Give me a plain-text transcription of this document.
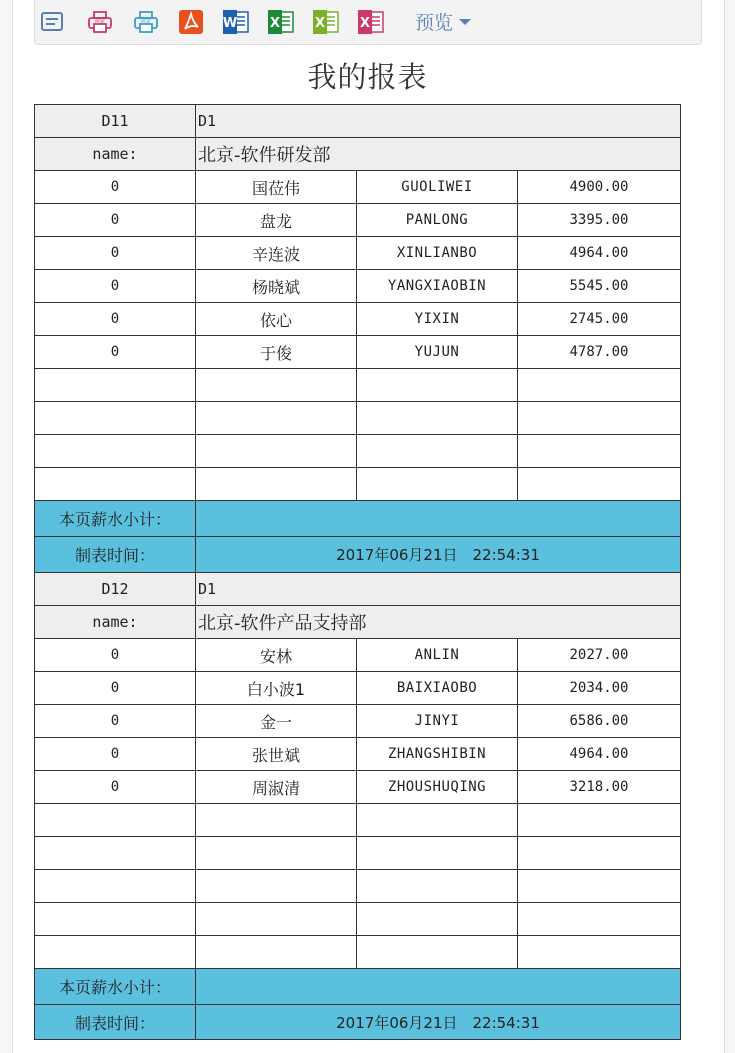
PDF	PDF	W	X	X	X 预览
我的报表
D11	D1
name:	北京-软件研发部
0	国莅伟	GUOLIWEI	4900.00
0	盘龙	PANLONG	3395.00
0	辛连波	XINLIANBO	4964.00
0	杨晓斌	YANGXIAOBIN	5545.00
0	依心	YIXIN	2745.00
0	于俊	YUJUN	4787.00
本页薪水小计：
制表时间：	2017年06月21日　22:54:31
D12	D1
name:	北京-软件产品支持部
0	安林	ANLIN	2027.00
0	白小波1	BAIXIAOBO	2034.00
0	金一	JINYI	6586.00
0	张世斌	ZHANGSHIBIN	4964.00
0	周淑清	ZHOUSHUQING	3218.00
本页薪水小计：
制表时间：	2017年06月21日　22:54:31
